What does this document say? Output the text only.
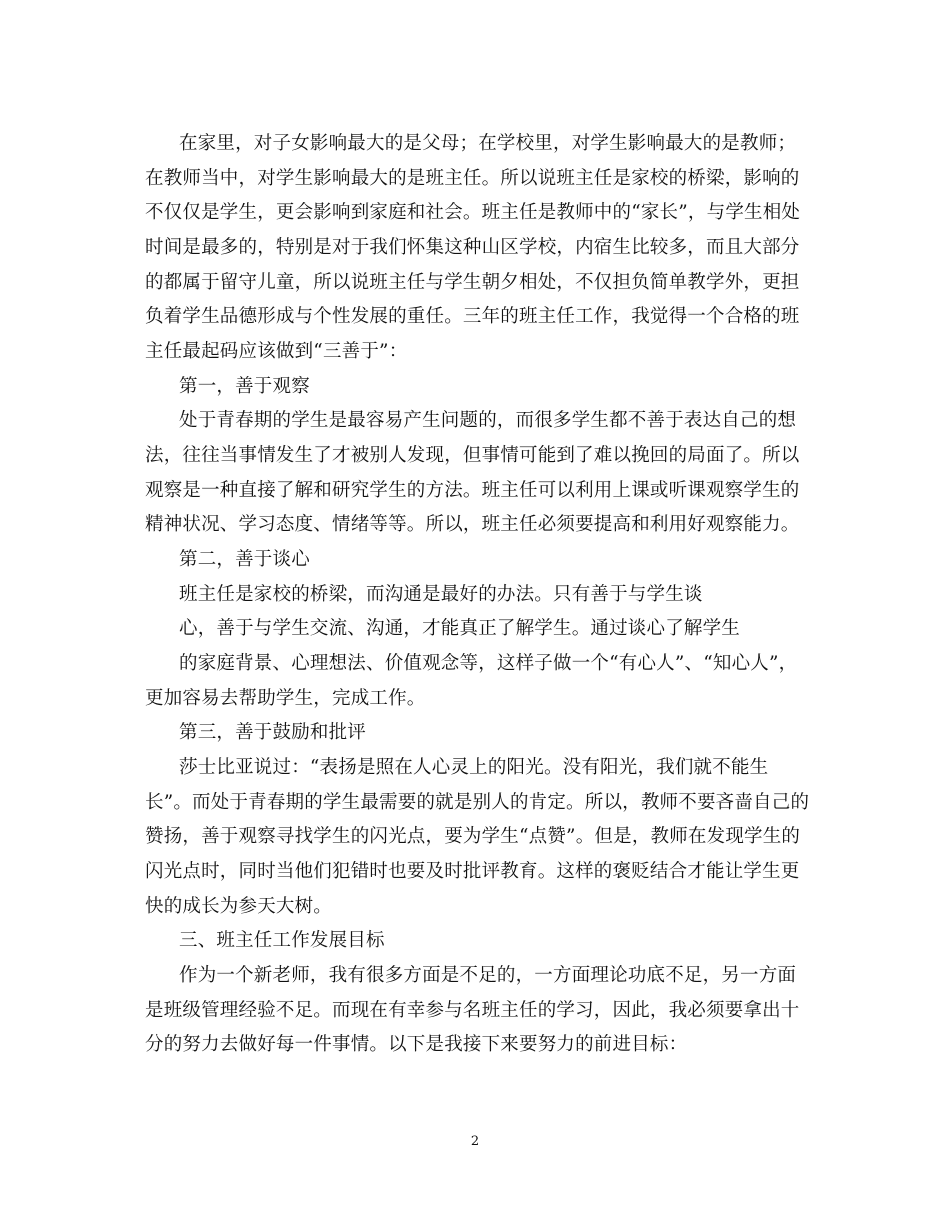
在家里，对子女影响最大的是父母；在学校里，对学生影响最大的是教师；
在教师当中，对学生影响最大的是班主任。所以说班主任是家校的桥梁，影响的
不仅仅是学生，更会影响到家庭和社会。班主任是教师中的“家长”，与学生相处
时间是最多的，特别是对于我们怀集这种山区学校，内宿生比较多，而且大部分
的都属于留守儿童，所以说班主任与学生朝夕相处，不仅担负简单教学外，更担
负着学生品德形成与个性发展的重任。三年的班主任工作，我觉得一个合格的班
主任最起码应该做到“三善于”：
第一，善于观察
处于青春期的学生是最容易产生问题的，而很多学生都不善于表达自己的想
法，往往当事情发生了才被别人发现，但事情可能到了难以挽回的局面了。所以
观察是一种直接了解和研究学生的方法。班主任可以利用上课或听课观察学生的
精神状况、学习态度、情绪等等。所以，班主任必须要提高和利用好观察能力。
第二，善于谈心
班主任是家校的桥梁，而沟通是最好的办法。只有善于与学生谈
心，善于与学生交流、沟通，才能真正了解学生。通过谈心了解学生
的家庭背景、心理想法、价值观念等，这样子做一个“有心人”、“知心人”，
更加容易去帮助学生，完成工作。
第三，善于鼓励和批评
莎士比亚说过：“表扬是照在人心灵上的阳光。没有阳光，我们就不能生
长”。而处于青春期的学生最需要的就是别人的肯定。所以，教师不要吝啬自己的
赞扬，善于观察寻找学生的闪光点，要为学生“点赞”。但是，教师在发现学生的
闪光点时，同时当他们犯错时也要及时批评教育。这样的褒贬结合才能让学生更
快的成长为参天大树。
三、班主任工作发展目标
作为一个新老师，我有很多方面是不足的，一方面理论功底不足，另一方面
是班级管理经验不足。而现在有幸参与名班主任的学习，因此，我必须要拿出十
分的努力去做好每一件事情。以下是我接下来要努力的前进目标：
2
